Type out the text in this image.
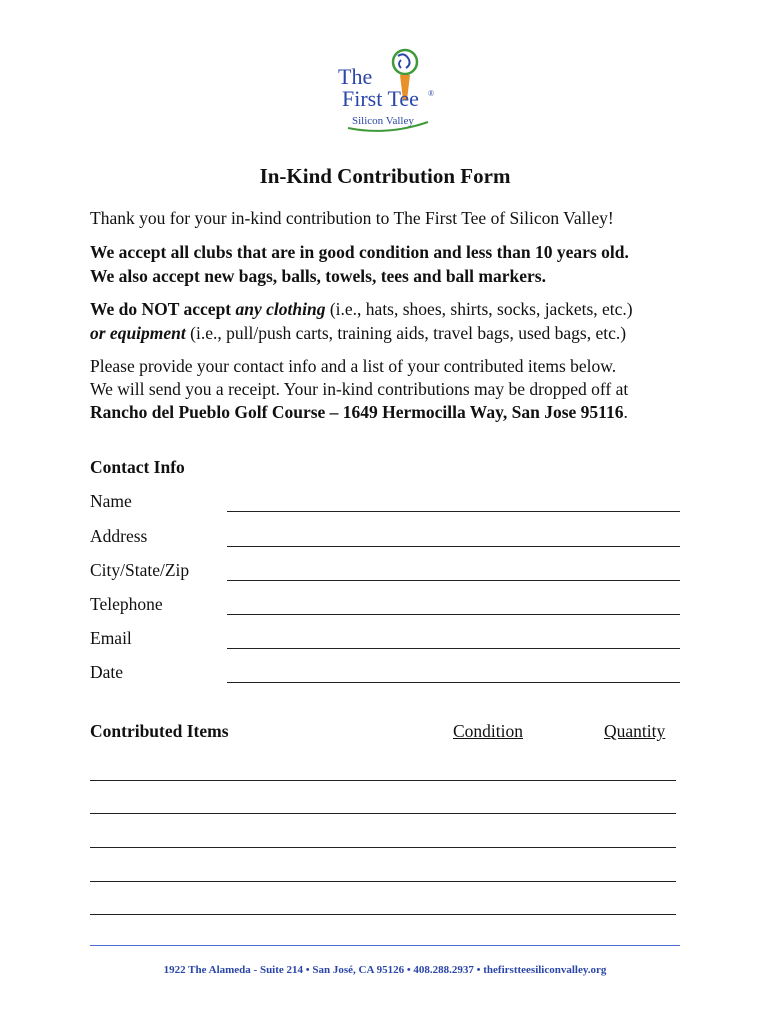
The
First Tee ®
Silicon Valley
In-Kind Contribution Form
Thank you for your in-kind contribution to The First Tee of Silicon Valley!
We accept all clubs that are in good condition and less than 10 years old.
We also accept new bags, balls, towels, tees and ball markers.
We do NOT accept any clothing (i.e., hats, shoes, shirts, socks, jackets, etc.)
or equipment (i.e., pull/push carts, training aids, travel bags, used bags, etc.)
Please provide your contact info and a list of your contributed items below.
We will send you a receipt. Your in-kind contributions may be dropped off at
Rancho del Pueblo Golf Course – 1649 Hermocilla Way, San Jose 95116.
Contact Info
Name
Address
City/State/Zip
Telephone
Email
Date
Contributed Items	Condition	Quantity
1922 The Alameda - Suite 214 • San José, CA 95126 • 408.288.2937 • thefirstteesiliconvalley.org
